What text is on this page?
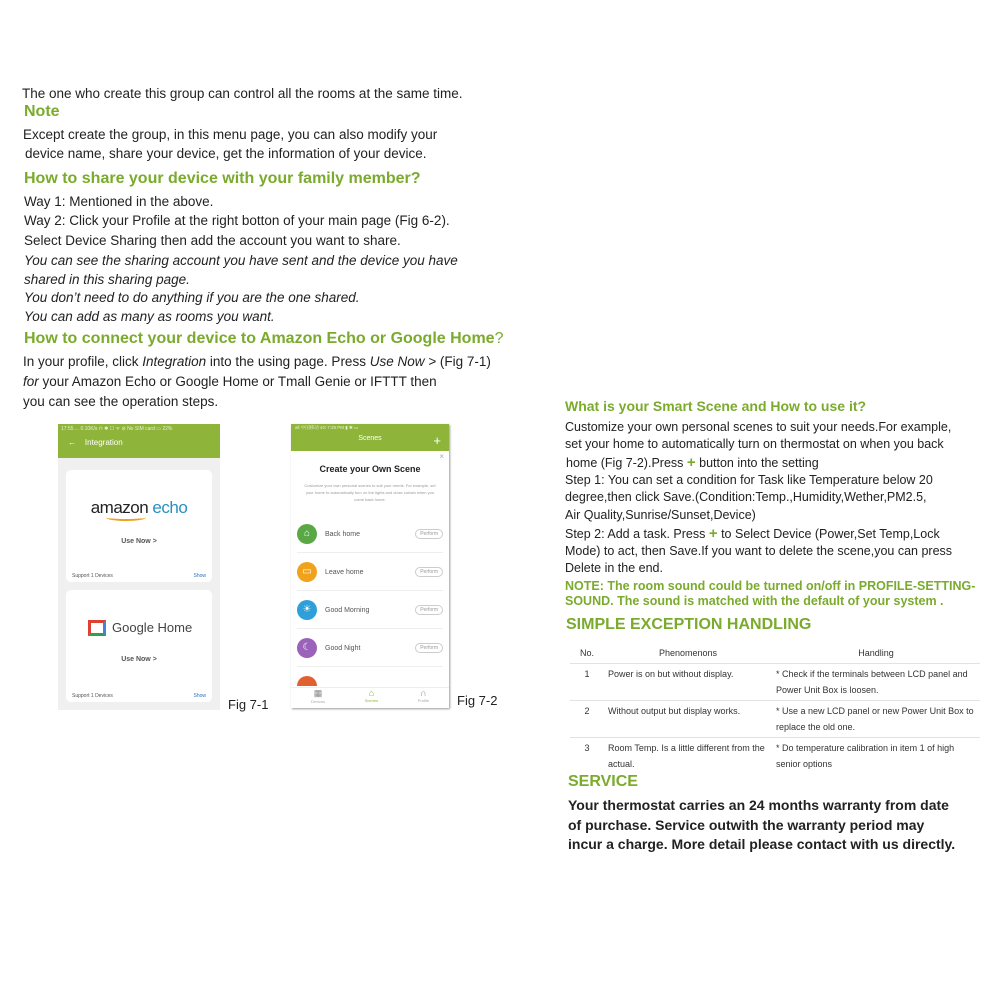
The one who create this group can control all the rooms at the same time.
Note
Except create the group, in this menu page, you can also modify your
device name, share your device, get the information of your device.
How to share your device with your family member?
Way 1: Mentioned in the above.
Way 2: Click your Profile at the right botton of your main page (Fig 6-2).
Select Device Sharing then add the account you want to share.
You can see the sharing account you have sent and the device you have
shared in this sharing page.
You don’t need to do anything if you are the one shared.
You can add as many as rooms you want.
How to connect your device to Amazon Echo or Google Home?
In your profile, click Integration into the using page. Press Use Now > (Fig 7-1)
for your Amazon Echo or Google Home or Tmall Genie or IFTTT then
you can see the operation steps.
17:55 ... 0.10K/s ⊓ ✱ ☐ ᯤ ⊘ No SIM card ▭ 22%
← Integration
amazon echo
Use Now >
Support 1 Devices	Show
Google Home
Use Now >
Support 1 Devices	Show
Fig 7-1
all 中国移动 4G 7:28 PM ▮ ✱ ▭
Scenes	+
×
Create your Own Scene
Customize your own personal scenes to suit your needs. For example, set your home to automatically turn on the lights and close curtain when you come back home.
⌂	Back home	Perform
▭	Leave home	Perform
☀	Good Morning	Perform
☾	Good Night	Perform
▦
Devices
⌂
Scenes
∩
Profile Fig 7-2
What is your Smart Scene and How to use it?
Customize your own personal scenes to suit your needs.For example,
set your home to automatically turn on thermostat on when you back
home (Fig 7-2).Press + button into the setting
Step 1: You can set a condition for Task like Temperature below 20
degree,then click Save.(Condition:Temp.,Humidity,Wether,PM2.5,
Air Quality,Sunrise/Sunset,Device)
Step 2: Add a task. Press + to Select Device (Power,Set Temp,Lock
Mode) to act, then Save.If you want to delete the scene,you can press
Delete in the end.
NOTE: The room sound could be turned on/off in PROFILE-SETTING-
SOUND. The sound is matched with the default of your system .
SIMPLE EXCEPTION HANDLING
No.	Phenomenons	Handling
1	Power is on but without display.	* Check if the terminals between LCD panel and Power Unit Box is loosen.
2	Without output but display works.	* Use a new LCD panel or new Power Unit Box to replace the old one.
3	Room Temp. Is a little different from the actual.	* Do temperature calibration in item 1 of high senior options
SERVICE
Your thermostat carries an 24 months warranty from date
of purchase. Service outwith the warranty period may
incur a charge. More detail please contact with us directly.
